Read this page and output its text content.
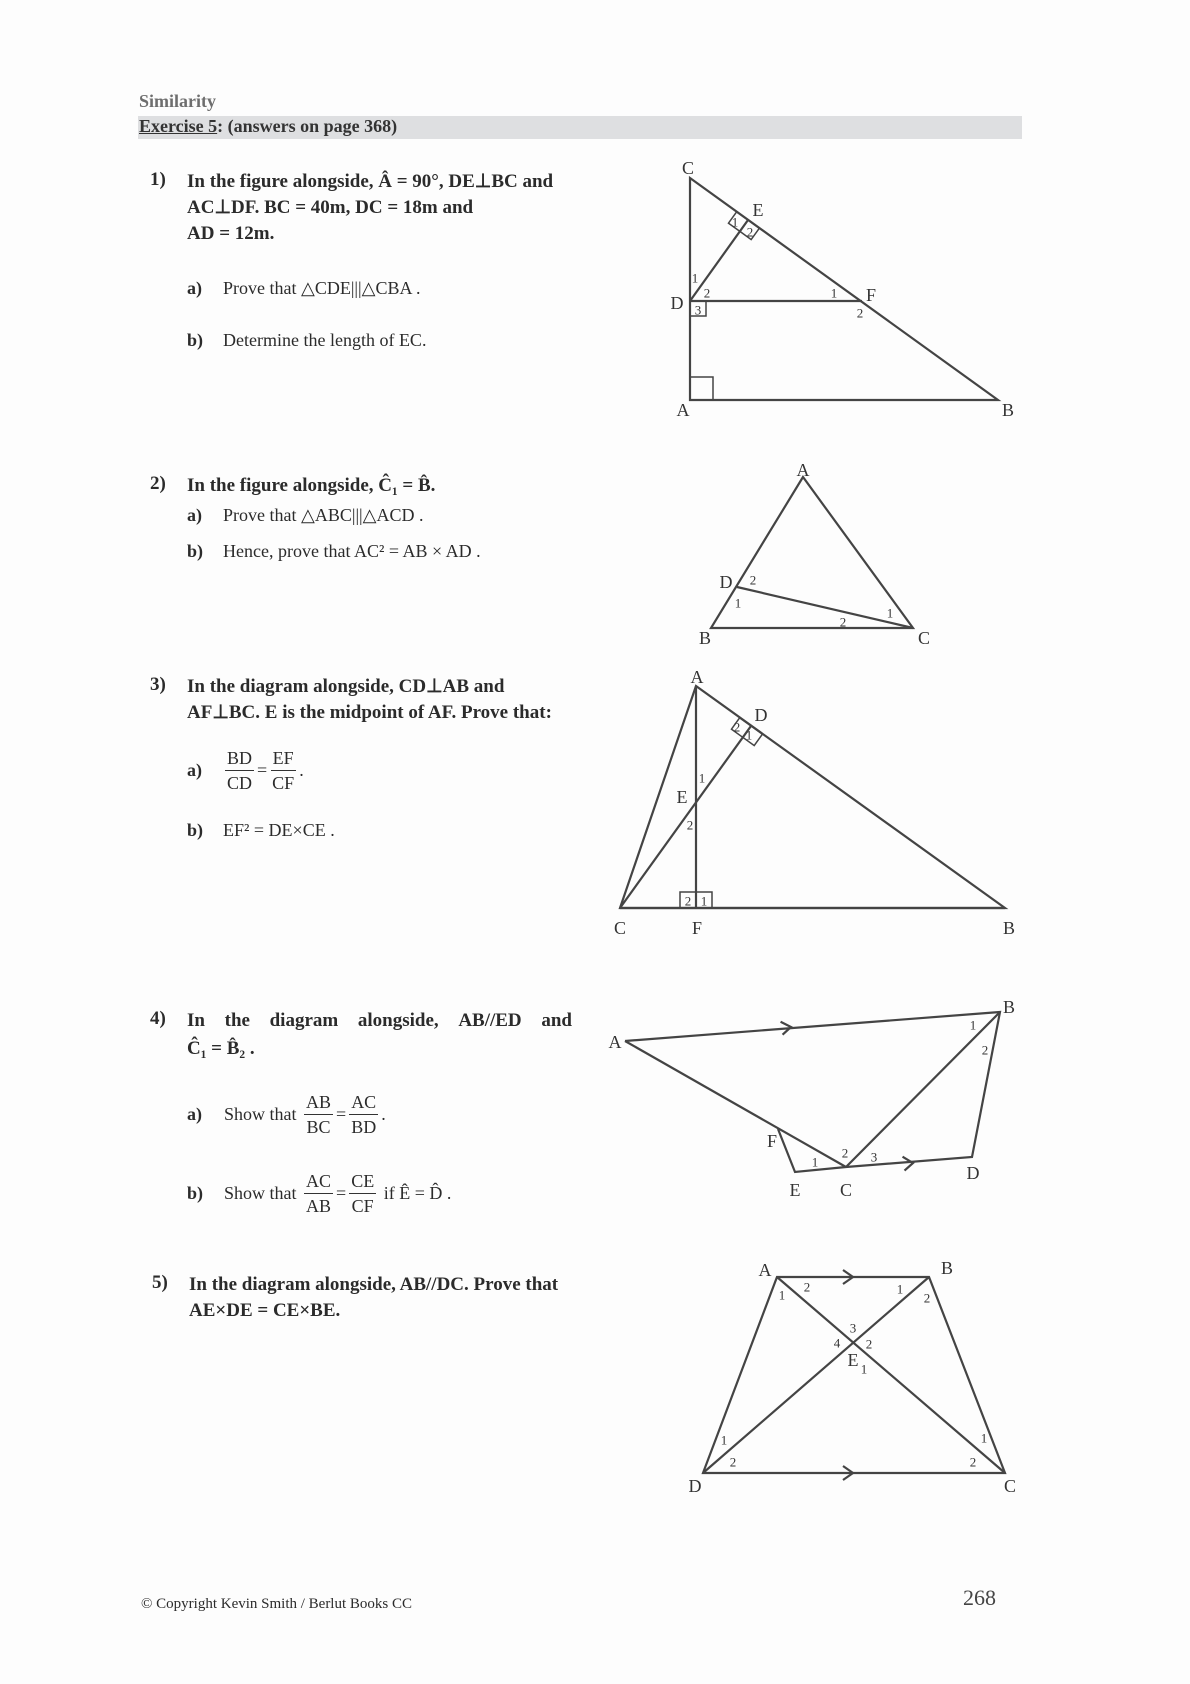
Similarity
Exercise 5: (answers on page 368)
1) In the figure alongside, Â = 90°, DE⊥BC and
AC⊥DF. BC = 40m, DC = 18m and
AD = 12m.
a) Prove that △CDE|||△CBA .
b) Determine the length of EC.
2) In the figure alongside, Ĉ₁ = B̂.
a) Prove that △ABC|||△ACD .
b) Hence, prove that AC² = AB × AD .
3) In the diagram alongside, CD⊥AB and
AF⊥BC. E is the midpoint of AF. Prove that:
$a) \frac{BD}{CD} = \frac{EF}{CF}$ .
b) EF² = DE×CE .
4) In the diagram alongside, AB//ED and
Ĉ₁ = B̂₂ .
a) Show that $\frac{AB}{BC} = \frac{AC}{BD}$ .
b) Show that $\frac{AC}{AB} = \frac{CE}{CF}$ if Ê = D̂ .
5) In the diagram alongside, AB//DC. Prove that
AE×DE = CE×BE.
© Copyright Kevin Smith / Berlut Books CC	268
C
E
D
A	B
F
1
2
1
2
3
1
2
A
D
B	C
2
1
1
2
A
D
E
C	F	B
2
1
1
2
2 1
A
B
F
E C
D
1
2
1
2 3
A	B
E
D	C
1
2	1
2
3
4 2
1
1
2
1
2
